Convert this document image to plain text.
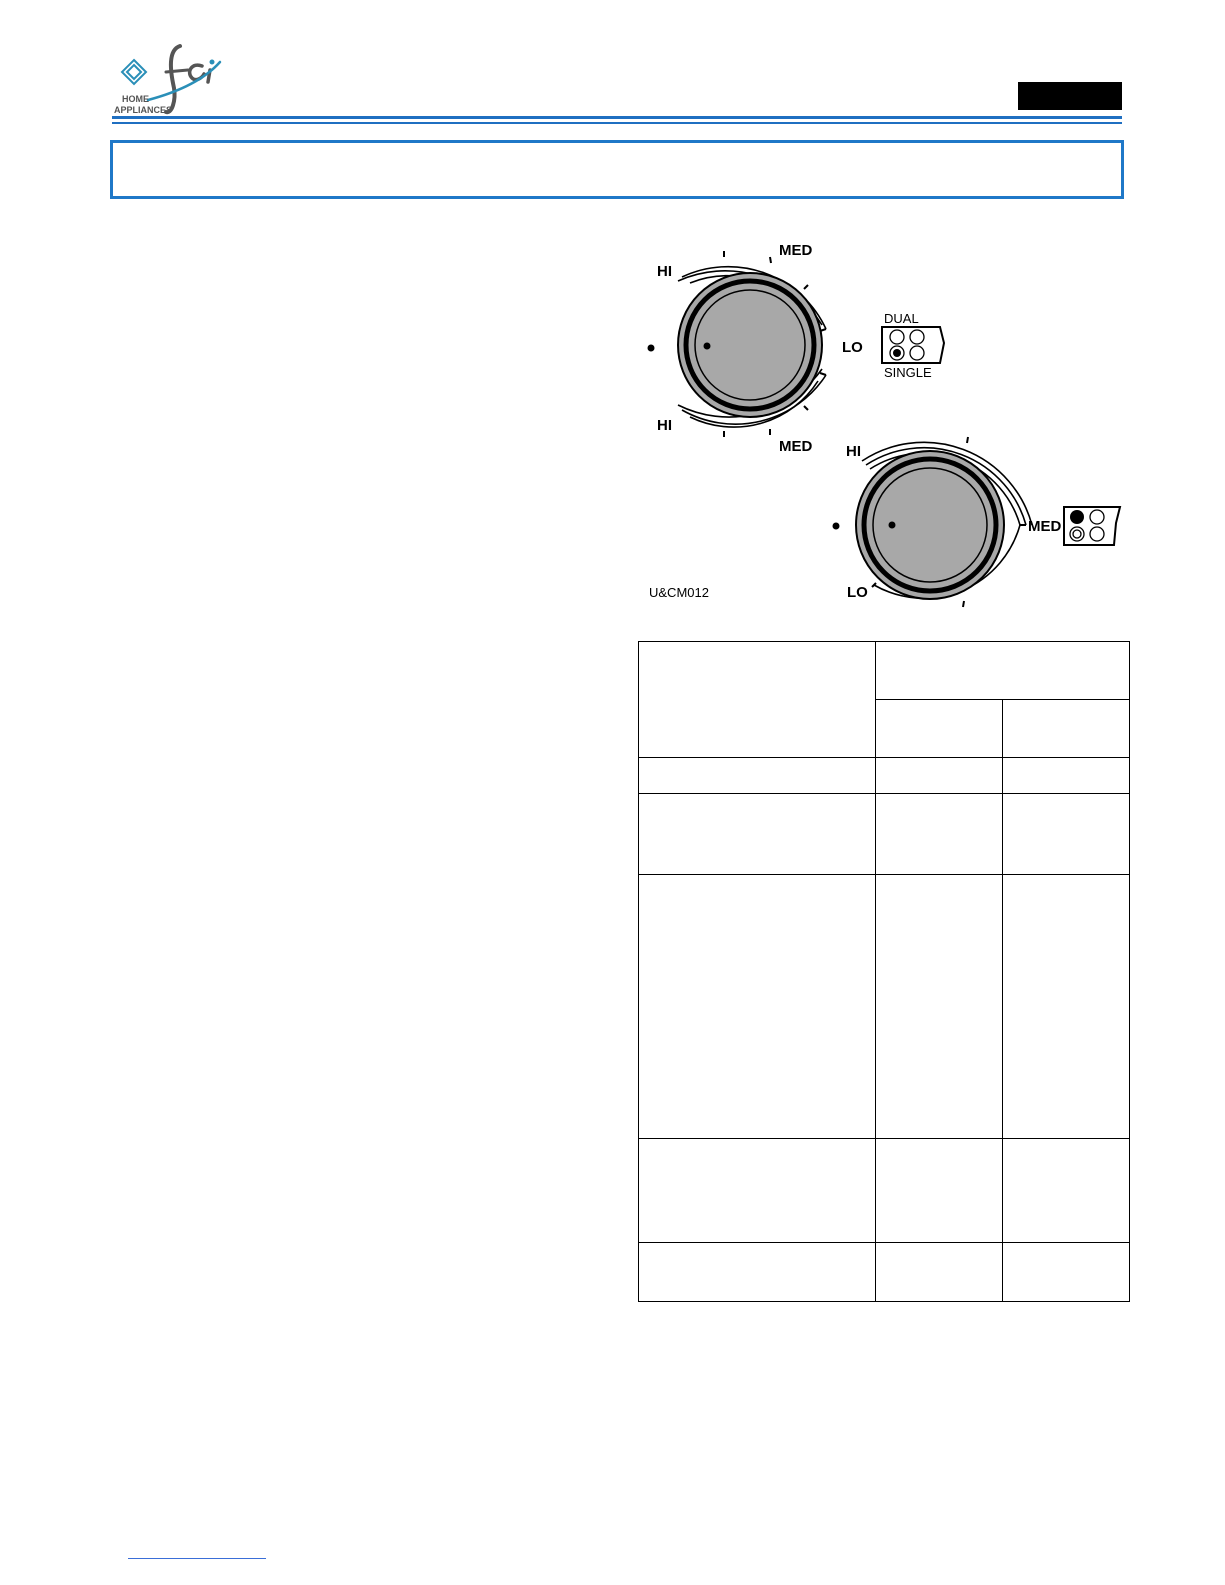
HOME
APPLIANCES
HI
MED
LO
HI
MED
DUAL
SINGLE
HI
MED
LO
U&CM012
